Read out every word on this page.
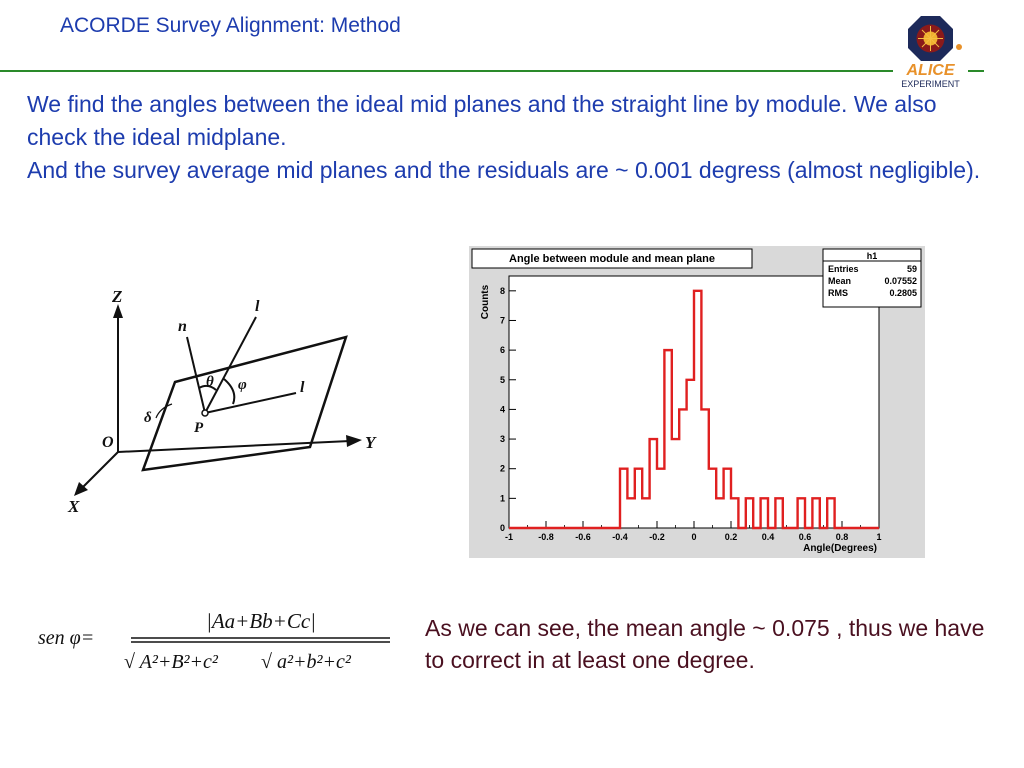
ACORDE Survey Alignment: Method
ALICE
EXPERIMENT

We find the angles between the ideal mid planes and the straight line by module. We also check the ideal midplane.

And the survey average mid planes and the residuals are ~ 0.001 degress (almost negligible).

Z
Y
X
O
n
l
l
θ φ
δ
P
Angle between module and mean plane	h1
Entries	59
Mean	0.07552
RMS	0.2805
Angle(Degrees)
Counts
-1	-0.8 -0.6 -0.4 -0.2	0	0.2	0.4	0.6	0.8	1
0
1
2
3
4
5
6
7
8
sen φ=
|Aa+Bb+Cc|
√ A²+B²+c² √ a²+b²+c²

As we can see, the mean angle ~ 0.075 , thus we have to correct in at least one degree.
